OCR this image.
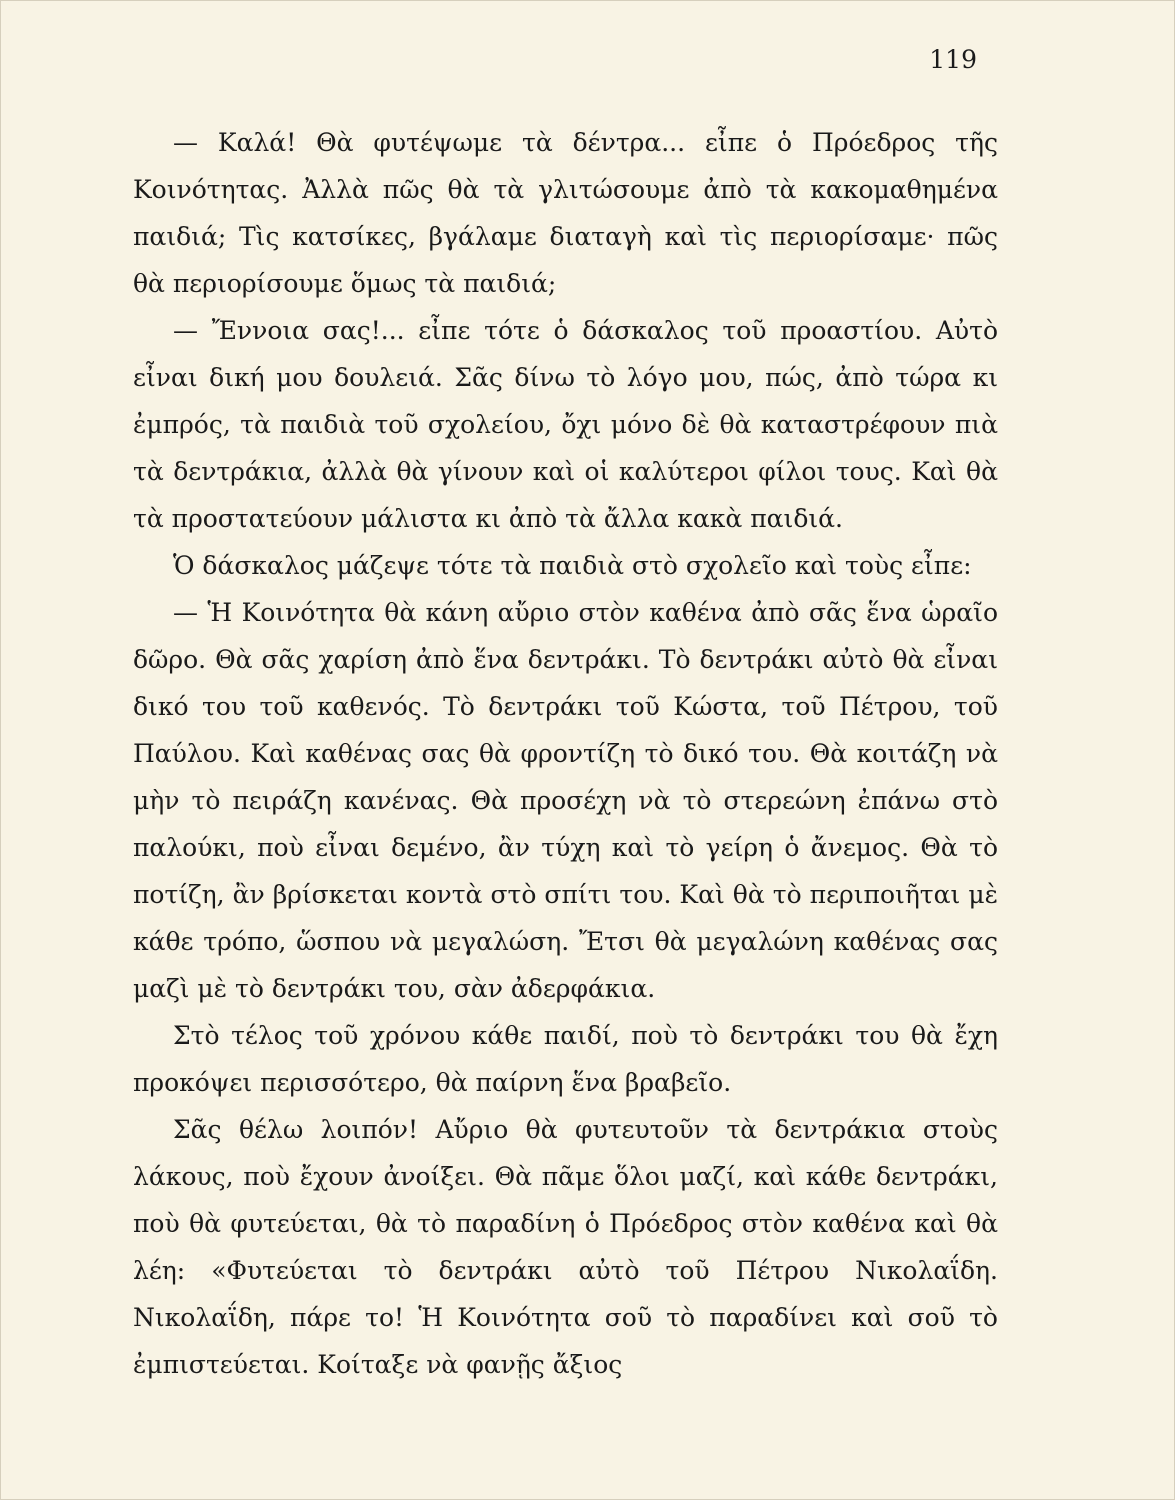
119

— Καλά! Θὰ φυτέψωμε τὰ δέντρα... εἶπε ὁ Πρόεδρος τῆς Κοινότητας. Ἀλλὰ πῶς θὰ τὰ γλιτώσουμε ἀπὸ τὰ κακομαθημένα παιδιά; Τὶς κατσίκες, βγάλαμε διαταγὴ καὶ τὶς περιορίσαμε· πῶς θὰ περιορίσουμε ὅμως τὰ παιδιά;

— Ἔννοια σας!... εἶπε τότε ὁ δάσκαλος τοῦ προαστίου. Αὐτὸ εἶναι δική μου δουλειά. Σᾶς δίνω τὸ λόγο μου, πώς, ἀπὸ τώρα κι ἐμπρός, τὰ παιδιὰ τοῦ σχολείου, ὄχι μόνο δὲ θὰ καταστρέφουν πιὰ τὰ δεντράκια, ἀλλὰ θὰ γίνουν καὶ οἱ καλύτεροι φίλοι τους. Καὶ θὰ τὰ προστατεύουν μάλιστα κι ἀπὸ τὰ ἄλλα κακὰ παιδιά.

Ὁ δάσκαλος μάζεψε τότε τὰ παιδιὰ στὸ σχολεῖο καὶ τοὺς εἶπε:

— Ἡ Κοινότητα θὰ κάνη αὔριο στὸν καθένα ἀπὸ σᾶς ἕνα ὡραῖο δῶρο. Θὰ σᾶς χαρίση ἀπὸ ἕνα δεντράκι. Τὸ δεντράκι αὐτὸ θὰ εἶναι δικό του τοῦ καθενός. Τὸ δεντράκι τοῦ Κώστα, τοῦ Πέτρου, τοῦ Παύλου. Καὶ καθένας σας θὰ φροντίζη τὸ δικό του. Θὰ κοιτάζη νὰ μὴν τὸ πειράζη κανένας. Θὰ προσέχη νὰ τὸ στερεώνη ἐπάνω στὸ παλούκι, ποὺ εἶναι δεμένο, ἂν τύχη καὶ τὸ γείρη ὁ ἄνεμος. Θὰ τὸ ποτίζη, ἂν βρίσκεται κοντὰ στὸ σπίτι του. Καὶ θὰ τὸ περιποιῆται μὲ κάθε τρόπο, ὥσπου νὰ μεγαλώση. Ἔτσι θὰ μεγαλώνη καθένας σας μαζὶ μὲ τὸ δεντράκι του, σὰν ἀδερφάκια.

Στὸ τέλος τοῦ χρόνου κάθε παιδί, ποὺ τὸ δεντράκι του θὰ ἔχη προκόψει περισσότερο, θὰ παίρνη ἕνα βραβεῖο.

Σᾶς θέλω λοιπόν! Αὔριο θὰ φυτευτοῦν τὰ δεντράκια στοὺς λάκους, ποὺ ἔχουν ἀνοίξει. Θὰ πᾶμε ὅλοι μαζί, καὶ κάθε δεντράκι, ποὺ θὰ φυτεύεται, θὰ τὸ παραδίνη ὁ Πρόεδρος στὸν καθένα καὶ θὰ λέη: «Φυτεύεται τὸ δεντράκι αὐτὸ τοῦ Πέτρου Νικολαΐδη. Νικολαΐδη, πάρε το! Ἡ Κοινότητα σοῦ τὸ παραδίνει καὶ σοῦ τὸ ἐμπιστεύεται. Κοίταξε νὰ φανῇς ἄξιος
